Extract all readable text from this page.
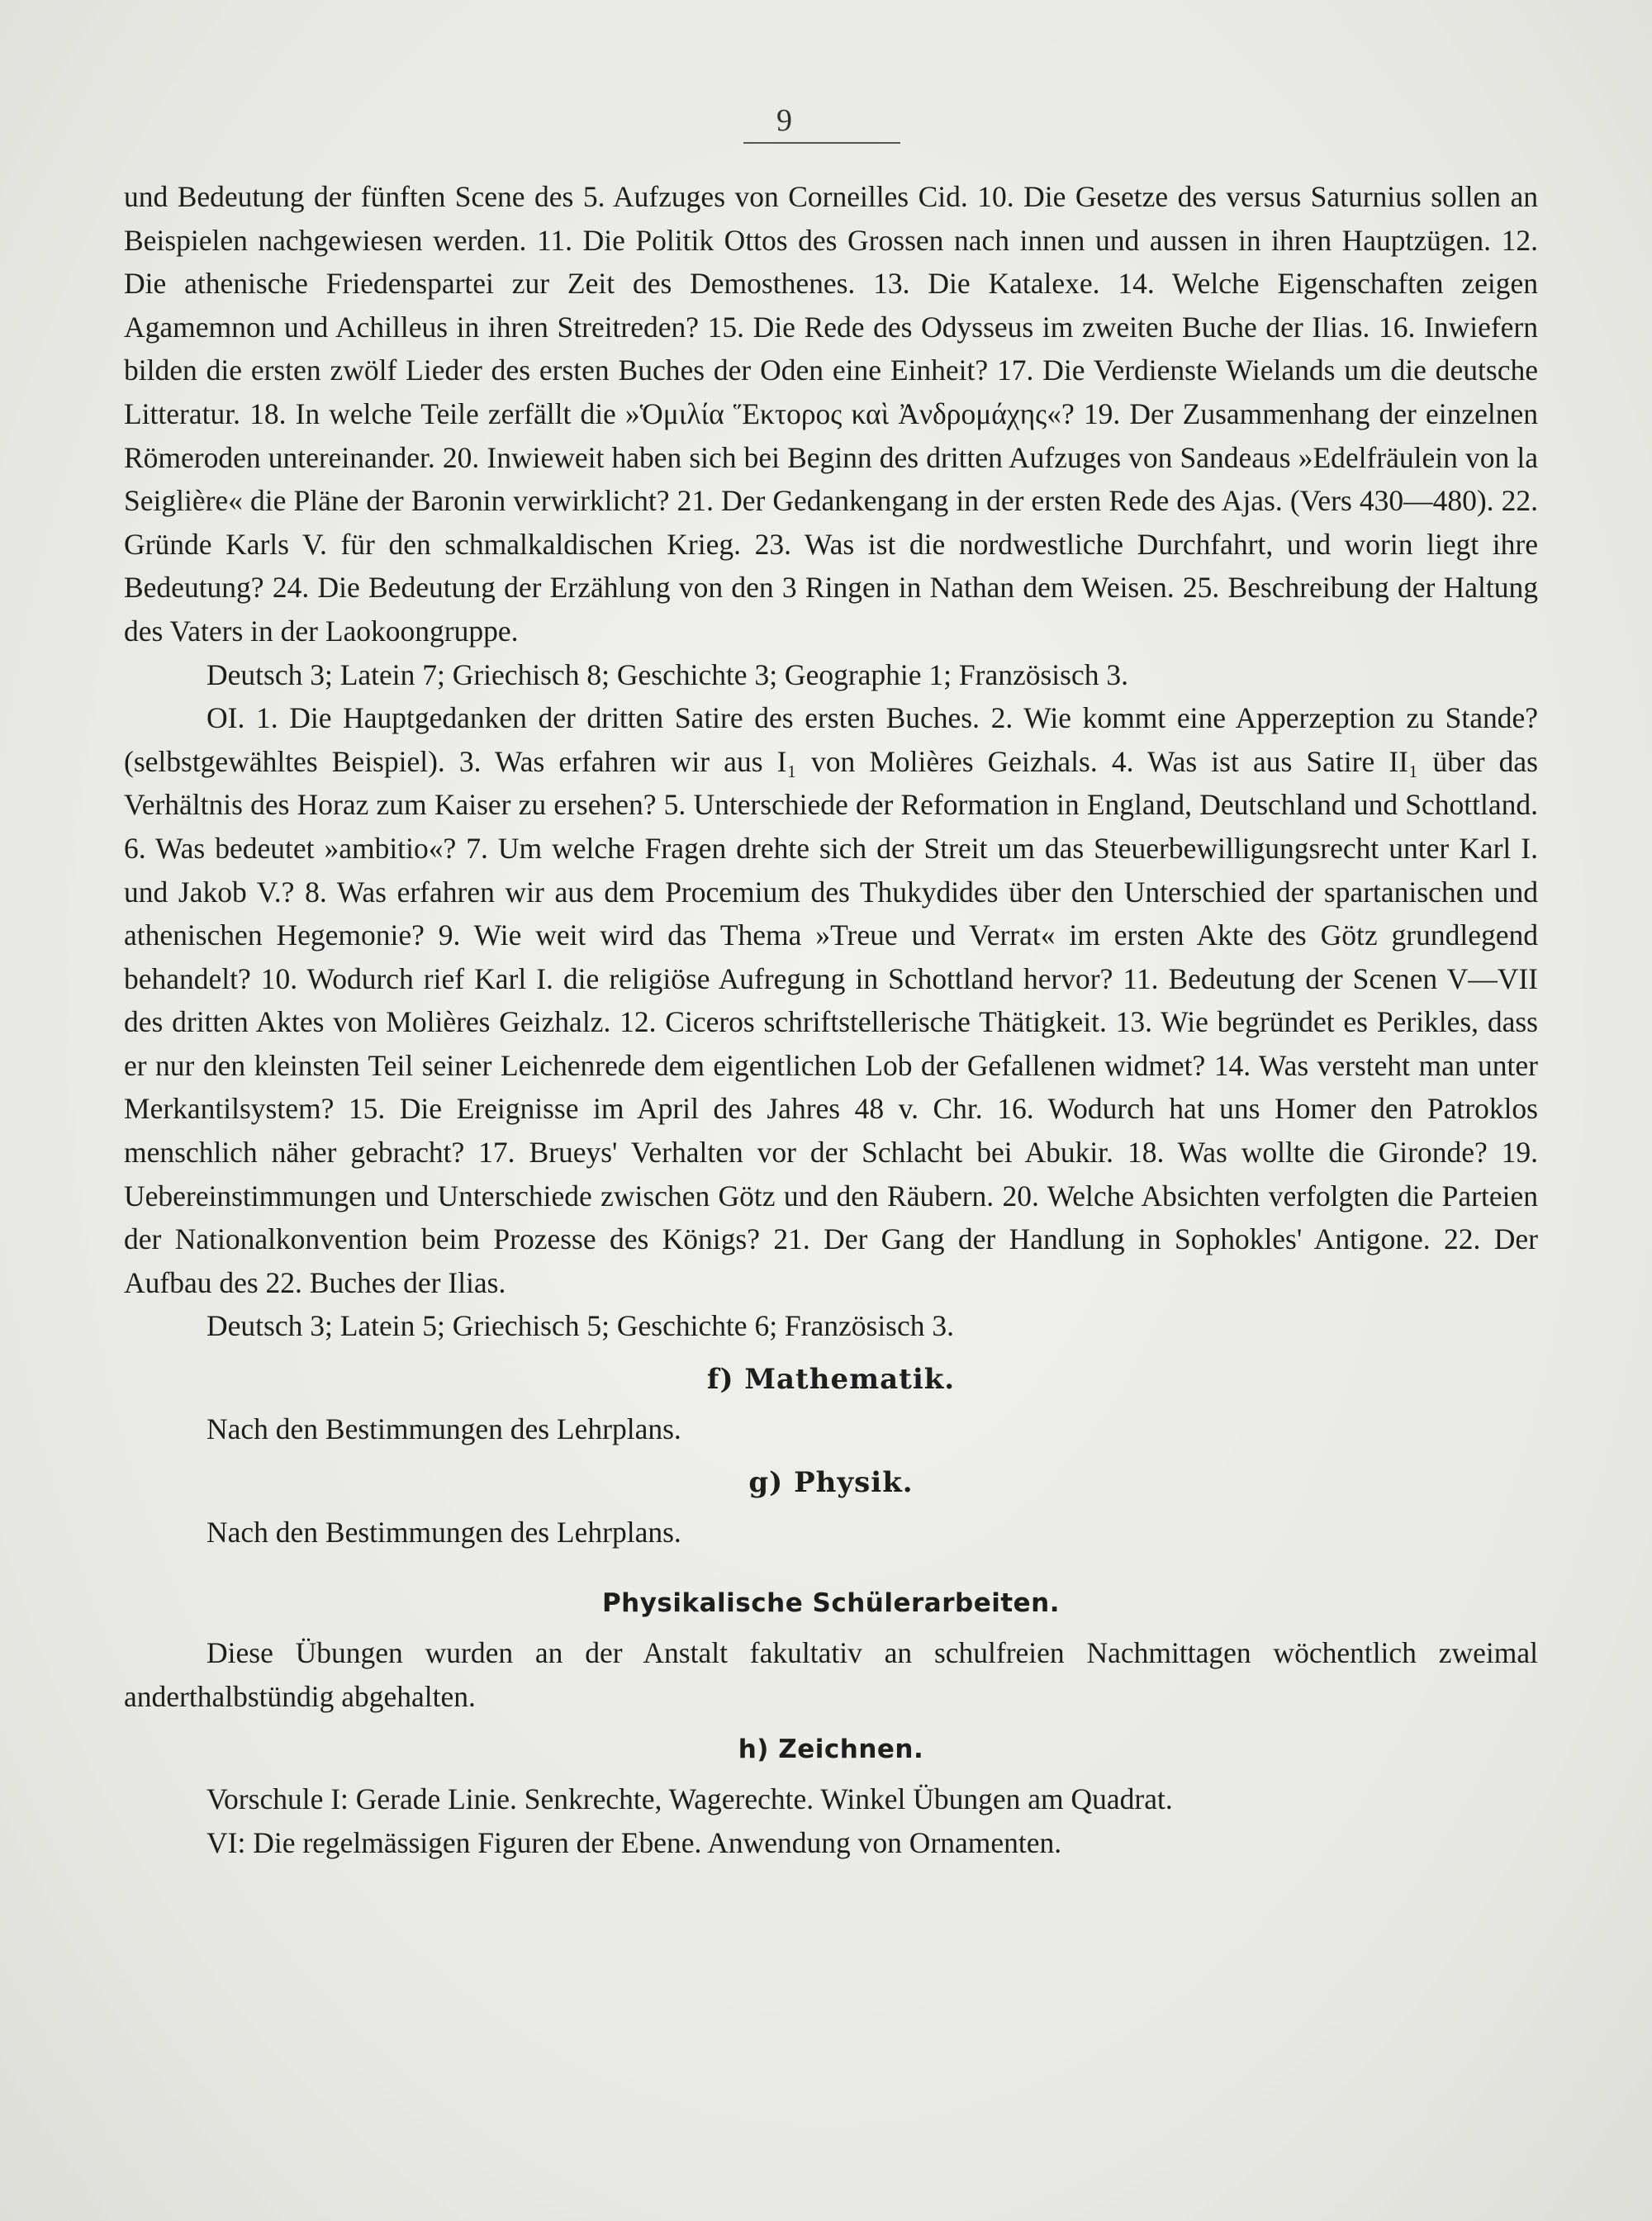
9

und Bedeutung der fünften Scene des 5. Aufzuges von Corneilles Cid. 10. Die Gesetze des versus Saturnius sollen an Beispielen nachgewiesen werden. 11. Die Politik Ottos des Grossen nach innen und aussen in ihren Hauptzügen. 12. Die athenische Friedenspartei zur Zeit des Demosthenes. 13. Die Katalexe. 14. Welche Eigenschaften zeigen Agamemnon und Achilleus in ihren Streitreden? 15. Die Rede des Odysseus im zweiten Buche der Ilias. 16. Inwiefern bilden die ersten zwölf Lieder des ersten Buches der Oden eine Einheit? 17. Die Verdienste Wielands um die deutsche Litteratur. 18. In welche Teile zerfällt die »Ὁμιλία Ἕκτορος καὶ Ἀνδρομάχης«? 19. Der Zusammenhang der einzelnen Römeroden untereinander. 20. Inwieweit haben sich bei Beginn des dritten Aufzuges von Sandeaus »Edelfräulein von la Seiglière« die Pläne der Baronin verwirklicht? 21. Der Gedankengang in der ersten Rede des Ajas. (Vers 430—480). 22. Gründe Karls V. für den schmalkaldischen Krieg. 23. Was ist die nordwestliche Durchfahrt, und worin liegt ihre Bedeutung? 24. Die Bedeutung der Erzählung von den 3 Ringen in Nathan dem Weisen. 25. Beschreibung der Haltung des Vaters in der Laokoongruppe.

Deutsch 3; Latein 7; Griechisch 8; Geschichte 3; Geographie 1; Französisch 3.

OI. 1. Die Hauptgedanken der dritten Satire des ersten Buches. 2. Wie kommt eine Apperzeption zu Stande? (selbstgewähltes Beispiel). 3. Was erfahren wir aus I₁ von Molières Geizhals. 4. Was ist aus Satire II₁ über das Verhältnis des Horaz zum Kaiser zu ersehen? 5. Unterschiede der Reformation in England, Deutschland und Schottland. 6. Was bedeutet »ambitio«? 7. Um welche Fragen drehte sich der Streit um das Steuerbewilligungsrecht unter Karl I. und Jakob V.? 8. Was erfahren wir aus dem Procemium des Thukydides über den Unterschied der spartanischen und athenischen Hegemonie? 9. Wie weit wird das Thema »Treue und Verrat« im ersten Akte des Götz grundlegend behandelt? 10. Wodurch rief Karl I. die religiöse Aufregung in Schottland hervor? 11. Bedeutung der Scenen V—VII des dritten Aktes von Molières Geizhalz. 12. Ciceros schriftstellerische Thätigkeit. 13. Wie begründet es Perikles, dass er nur den kleinsten Teil seiner Leichenrede dem eigentlichen Lob der Gefallenen widmet? 14. Was versteht man unter Merkantilsystem? 15. Die Ereignisse im April des Jahres 48 v. Chr. 16. Wodurch hat uns Homer den Patroklos menschlich näher gebracht? 17. Brueys' Verhalten vor der Schlacht bei Abukir. 18. Was wollte die Gironde? 19. Uebereinstimmungen und Unterschiede zwischen Götz und den Räubern. 20. Welche Absichten verfolgten die Parteien der Nationalkonvention beim Prozesse des Königs? 21. Der Gang der Handlung in Sophokles' Antigone. 22. Der Aufbau des 22. Buches der Ilias.

Deutsch 3; Latein 5; Griechisch 5; Geschichte 6; Französisch 3.

f) Mathematik.

Nach den Bestimmungen des Lehrplans.

g) Physik.

Nach den Bestimmungen des Lehrplans.

Physikalische Schülerarbeiten.

Diese Übungen wurden an der Anstalt fakultativ an schulfreien Nachmittagen wöchentlich zweimal anderthalbstündig abgehalten.

h) Zeichnen.

Vorschule I: Gerade Linie. Senkrechte, Wagerechte. Winkel Übungen am Quadrat.

VI: Die regelmässigen Figuren der Ebene. Anwendung von Ornamenten.
